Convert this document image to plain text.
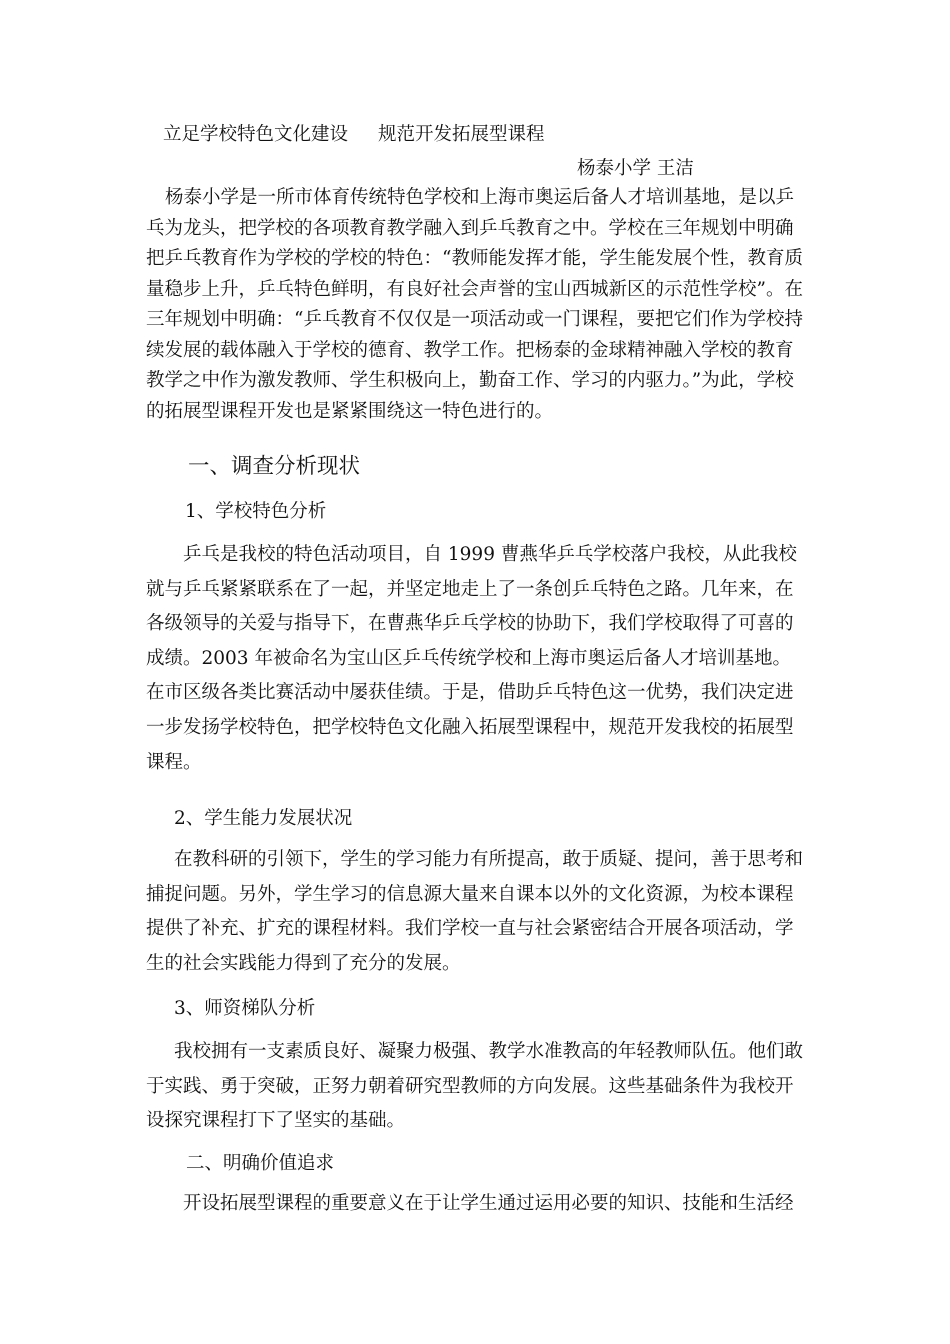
立足学校特色文化建设 规范开发拓展型课程
杨泰小学 王洁
杨泰小学是一所市体育传统特色学校和上海市奥运后备人才培训基地，是以乒乓为龙头，把学校的各项教育教学融入到乒乓教育之中。学校在三年规划中明确把乒乓教育作为学校的学校的特色：“教师能发挥才能，学生能发展个性，教育质量稳步上升，乒乓特色鲜明，有良好社会声誉的宝山西城新区的示范性学校”。在三年规划中明确：“乒乓教育不仅仅是一项活动或一门课程，要把它们作为学校持续发展的载体融入于学校的德育、教学工作。把杨泰的金球精神融入学校的教育教学之中作为激发教师、学生积极向上，勤奋工作、学习的内驱力。”为此，学校的拓展型课程开发也是紧紧围绕这一特色进行的。
一、调查分析现状
1、学校特色分析
乒乓是我校的特色活动项目，自 1999 曹燕华乒乓学校落户我校，从此我校就与乒乓紧紧联系在了一起，并坚定地走上了一条创乒乓特色之路。几年来，在各级领导的关爱与指导下，在曹燕华乒乓学校的协助下，我们学校取得了可喜的成绩。2003 年被命名为宝山区乒乓传统学校和上海市奥运后备人才培训基地。在市区级各类比赛活动中屡获佳绩。于是，借助乒乓特色这一优势，我们决定进一步发扬学校特色，把学校特色文化融入拓展型课程中，规范开发我校的拓展型课程。
2、学生能力发展状况
在教科研的引领下，学生的学习能力有所提高，敢于质疑、提问，善于思考和捕捉问题。另外，学生学习的信息源大量来自课本以外的文化资源，为校本课程提供了补充、扩充的课程材料。我们学校一直与社会紧密结合开展各项活动，学生的社会实践能力得到了充分的发展。
3、师资梯队分析
我校拥有一支素质良好、凝聚力极强、教学水准教高的年轻教师队伍。他们敢于实践、勇于突破，正努力朝着研究型教师的方向发展。这些基础条件为我校开设探究课程打下了坚实的基础。
二、明确价值追求
开设拓展型课程的重要意义在于让学生通过运用必要的知识、技能和生活经
